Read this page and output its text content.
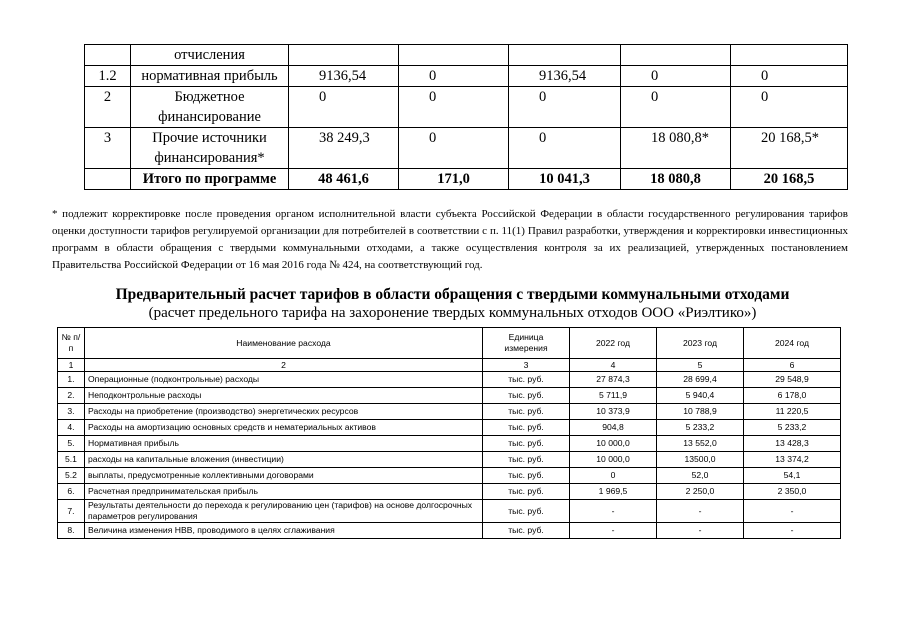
	отчисления					
1.2	нормативная прибыль	9136,54	0	9136,54	0	0
2	Бюджетное финансирование	0	0	0	0	0
3	Прочие источники финансирования*	38 249,3	0	0	18 080,8*	20 168,5*
	Итого по программе	48 461,6	171,0	10 041,3	18 080,8	20 168,5

* подлежит корректировке после проведения органом исполнительной власти субъекта Российской Федерации в области государственного регулирования тарифов оценки доступности тарифов регулируемой организации для потребителей в соответствии с п. 11(1) Правил разработки, утверждения и корректировки инвестиционных программ в области обращения с твердыми коммунальными отходами, а также осуществления контроля за их реализацией, утвержденных постановлением Правительства Российской Федерации от 16 мая 2016 года № 424, на соответствующий год.

Предварительный расчет тарифов в области обращения с твердыми коммунальными отходами

(расчет предельного тарифа на захоронение твердых коммунальных отходов ООО «Риэлтико»)

№ п/п	Наименование расхода	Единица измерения	2022 год	2023 год	2024 год
1	2	3	4	5	6
1.	Операционные (подконтрольные) расходы	тыс. руб.	27 874,3	28 699,4	29 548,9
2.	Неподконтрольные расходы	тыс. руб.	5 711,9	5 940,4	6 178,0
3.	Расходы на приобретение (производство) энергетических ресурсов	тыс. руб.	10 373,9	10 788,9	11 220,5
4.	Расходы на амортизацию основных средств и нематериальных активов	тыс. руб.	904,8	5 233,2	5 233,2
5.	Нормативная прибыль	тыс. руб.	10 000,0	13 552,0	13 428,3
5.1	расходы на капитальные вложения (инвестиции)	тыс. руб.	10 000,0	13500,0	13 374,2
5.2	выплаты, предусмотренные коллективными договорами	тыс. руб.	0	52,0	54,1
6.	Расчетная предпринимательская прибыль	тыс. руб.	1 969,5	2 250,0	2 350,0
7.	Результаты деятельности до перехода к регулированию цен (тарифов) на основе долгосрочных параметров регулирования	тыс. руб.	-	-	-
8.	Величина изменения НВВ, проводимого в целях сглаживания	тыс. руб.	-	-	-
